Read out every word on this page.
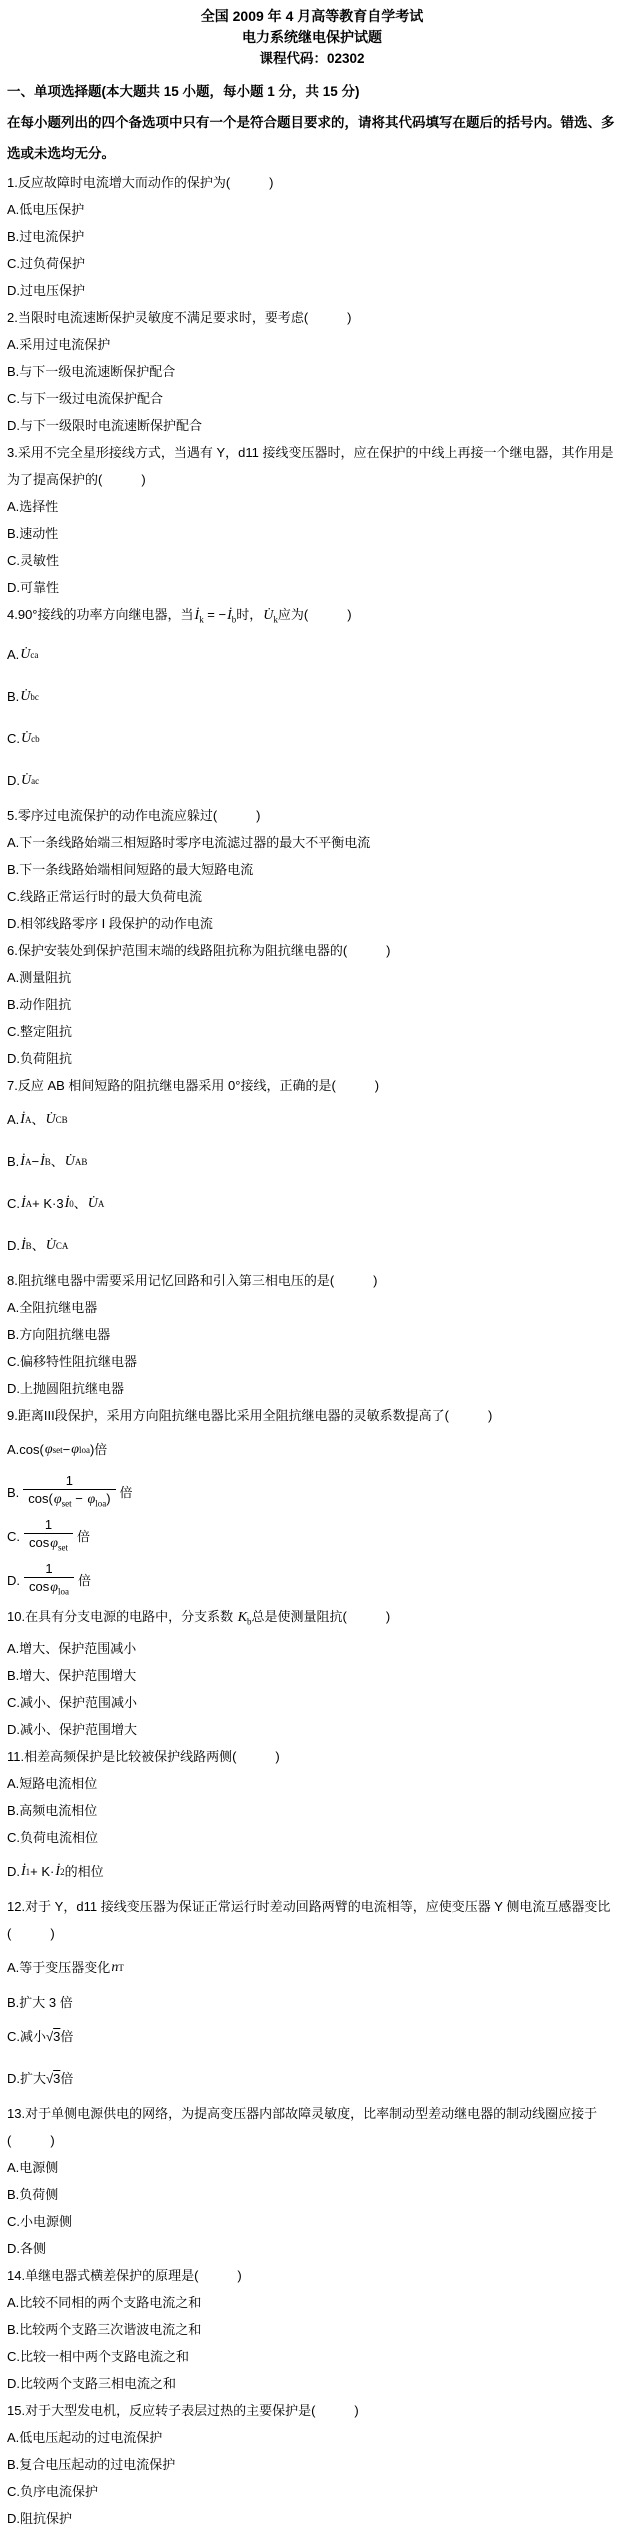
全国 2009 年 4 月高等教育自学考试
电力系统继电保护试题
课程代码：02302
一、单项选择题(本大题共 15 小题，每小题 1 分，共 15 分)
在每小题列出的四个备选项中只有一个是符合题目要求的，请将其代码填写在题后的括号内。错选、多选或未选均无分。

1.反应故障时电流增大而动作的保护为(　　　)

A.低电压保护

B.过电流保护

C.过负荷保护

D.过电压保护

2.当限时电流速断保护灵敏度不满足要求时，要考虑(　　　)

A.采用过电流保护

B.与下一级电流速断保护配合

C.与下一级过电流保护配合

D.与下一级限时电流速断保护配合

3.采用不完全星形接线方式，当遇有 Y，d11 接线变压器时，应在保护的中线上再接一个继电器，其作用是为了提高保护的(　　　)

A.选择性

B.速动性

C.灵敏性

D.可靠性

4.90°接线的功率方向继电器，当$İ_k$ = $-İ_b$时，$U̇_k$应为(　　　)

A. U̇ ca

B. U̇ bc

C. U̇ cb

D. U̇ ac

5.零序过电流保护的动作电流应躲过(　　　)

A.下一条线路始端三相短路时零序电流滤过器的最大不平衡电流

B.下一条线路始端相间短路的最大短路电流

C.线路正常运行时的最大负荷电流

D.相邻线路零序 I 段保护的动作电流

6.保护安装处到保护范围末端的线路阻抗称为阻抗继电器的(　　　)

A.测量阻抗

B.动作阻抗

C.整定阻抗

D.负荷阻抗

7.反应 AB 相间短路的阻抗继电器采用 0°接线，正确的是(　　　)

A. İ A 、 U̇ CB

B. İ A − İ B 、 U̇ AB

C. İ A + K·3 İ 0 、 U̇ A

D. İ B 、 U̇ CA

8.阻抗继电器中需要采用记忆回路和引入第三相电压的是(　　　)

A.全阻抗继电器

B.方向阻抗继电器

C.偏移特性阻抗继电器

D.上抛圆阻抗继电器

9.距离III段保护，采用方向阻抗继电器比采用全阻抗继电器的灵敏系数提高了(　　　)

A. cos( φ set − φ loa )倍

B. $\frac{1}{\cos(\varphi_{set} - \varphi_{loa})}$ 倍

C. $\frac{1}{\cos\varphi_{set}}$ 倍

D. $\frac{1}{\cos\varphi_{loa}}$ 倍

10.在具有分支电源的电路中，分支系数 $K_b$总是使测量阻抗(　　　)

A.增大、保护范围减小

B.增大、保护范围增大

C.减小、保护范围减小

D.减小、保护范围增大

11.相差高频保护是比较被保护线路两侧(　　　)

A.短路电流相位

B.高频电流相位

C.负荷电流相位

D. İ 1 + K· İ 2 的相位

12.对于 Y，d11 接线变压器为保证正常运行时差动回路两臂的电流相等，应使变压器 Y 侧电流互感器变比(　　　)

A. 等于变压器变化 n T

B.扩大 3 倍

C. 减小 √3 倍

D. 扩大 √3 倍

13.对于单侧电源供电的网络，为提高变压器内部故障灵敏度，比率制动型差动继电器的制动线圈应接于(　　　)

A.电源侧

B.负荷侧

C.小电源侧

D.各侧

14.单继电器式横差保护的原理是(　　　)

A.比较不同相的两个支路电流之和

B.比较两个支路三次谐波电流之和

C.比较一相中两个支路电流之和

D.比较两个支路三相电流之和

15.对于大型发电机，反应转子表层过热的主要保护是(　　　)

A.低电压起动的过电流保护

B.复合电压起动的过电流保护

C.负序电流保护

D.阻抗保护
